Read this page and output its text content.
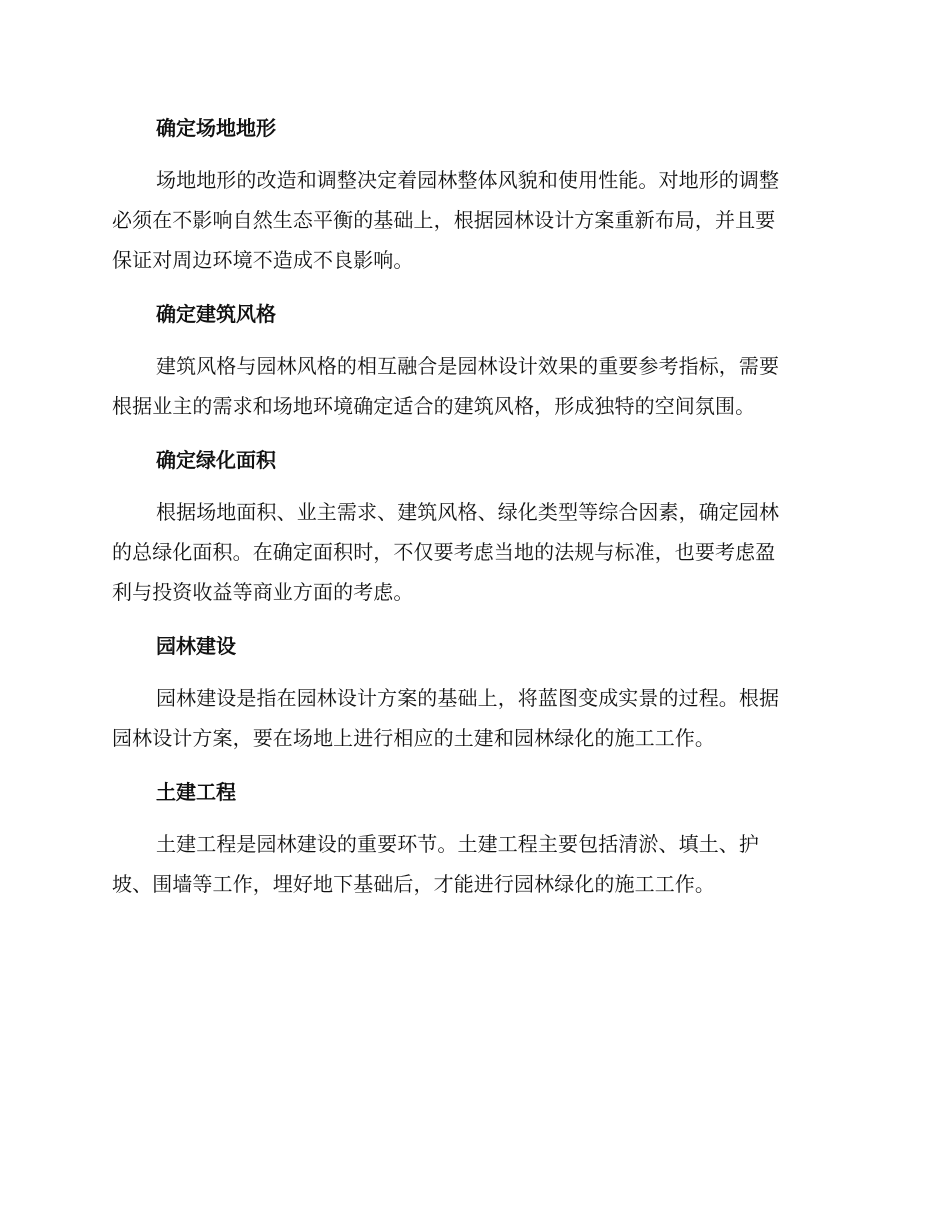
确定场地地形

场地地形的改造和调整决定着园林整体风貌和使用性能。对地形的调整
必须在不影响自然生态平衡的基础上，根据园林设计方案重新布局，并且要
保证对周边环境不造成不良影响。

确定建筑风格

建筑风格与园林风格的相互融合是园林设计效果的重要参考指标，需要
根据业主的需求和场地环境确定适合的建筑风格，形成独特的空间氛围。

确定绿化面积

根据场地面积、业主需求、建筑风格、绿化类型等综合因素，确定园林
的总绿化面积。在确定面积时，不仅要考虑当地的法规与标准，也要考虑盈
利与投资收益等商业方面的考虑。

园林建设

园林建设是指在园林设计方案的基础上，将蓝图变成实景的过程。根据
园林设计方案，要在场地上进行相应的土建和园林绿化的施工工作。

土建工程

土建工程是园林建设的重要环节。土建工程主要包括清淤、填土、护
坡、围墙等工作，埋好地下基础后，才能进行园林绿化的施工工作。
